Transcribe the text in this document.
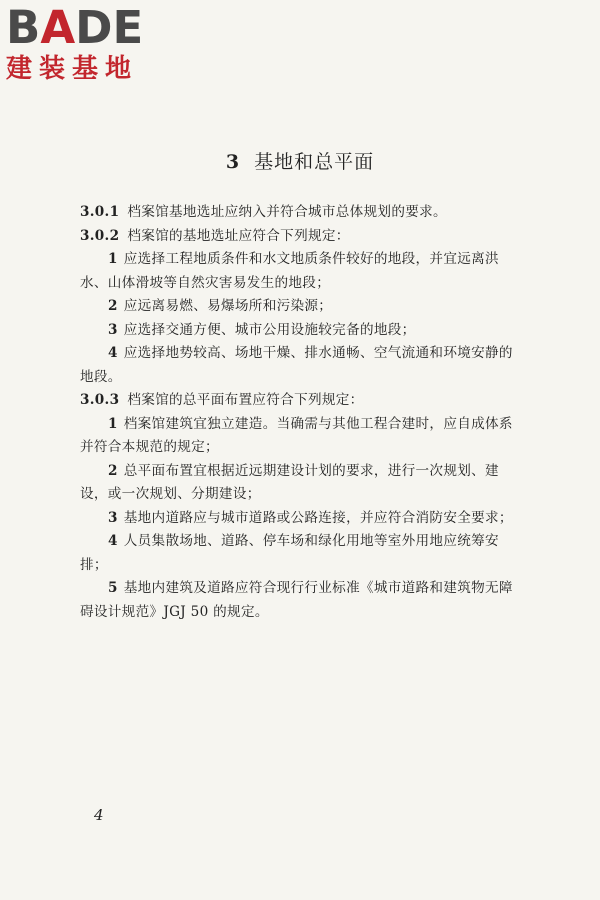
BADE
建装基地
3 基地和总平面

3.0.1 档案馆基地选址应纳入并符合城市总体规划的要求。

3.0.2 档案馆的基地选址应符合下列规定：

1 应选择工程地质条件和水文地质条件较好的地段，并宜远离洪水、山体滑坡等自然灾害易发生的地段；

2 应远离易燃、易爆场所和污染源；

3 应选择交通方便、城市公用设施较完备的地段；

4 应选择地势较高、场地干燥、排水通畅、空气流通和环境安静的地段。

3.0.3 档案馆的总平面布置应符合下列规定：

1 档案馆建筑宜独立建造。当确需与其他工程合建时，应自成体系并符合本规范的规定；

2 总平面布置宜根据近远期建设计划的要求，进行一次规划、建设，或一次规划、分期建设；

3 基地内道路应与城市道路或公路连接，并应符合消防安全要求；

4 人员集散场地、道路、停车场和绿化用地等室外用地应统筹安排；

5 基地内建筑及道路应符合现行行业标准《城市道路和建筑物无障碍设计规范》JGJ 50 的规定。

4
